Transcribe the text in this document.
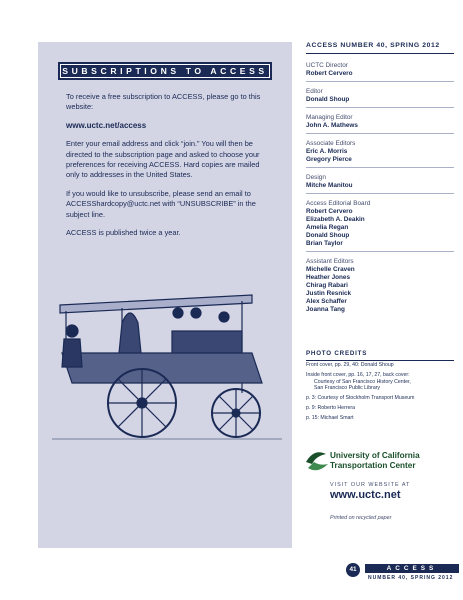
SUBSCRIPTIONS TO ACCESS

To receive a free subscription to ACCESS, please go to this website:

www.uctc.net/access

Enter your email address and click “join.” You will then be directed to the subscription page and asked to choose your preferences for receiving ACCESS. Hard copies are mailed only to addresses in the United States.

If you would like to unsubscribe, please send an email to ACCESShardcopy@uctc.net with “UNSUBSCRIBE” in the subject line.

ACCESS is published twice a year.

ACCESS NUMBER 40, SPRING 2012
UCTC Director
Robert Cervero
Editor
Donald Shoup
Managing Editor
John A. Mathews
Associate Editors
Eric A. Morris
Gregory Pierce
Design
Mitche Manitou
Access Editorial Board
Robert Cervero
Elizabeth A. Deakin
Amelia Regan
Donald Shoup
Brian Taylor
Assistant Editors
Michelle Craven
Heather Jones
Chirag Rabari
Justin Resnick
Alex Schaffer
Joanna Tang
PHOTO CREDITS
Front cover, pp. 29, 40: Donald Shoup
Inside front cover, pp. 16, 17, 27, back cover:
Courtesy of San Francisco History Center,
San Francisco Public Library
p. 3: Courtesy of Stockholm Transport Museum
p. 9: Roberto Herrera
p. 15: Michael Smart
University of California
Transportation Center
VISIT OUR WEBSITE AT
www.uctc.net
Printed on recycled paper
41	ACCESS
NUMBER 40, SPRING 2012
